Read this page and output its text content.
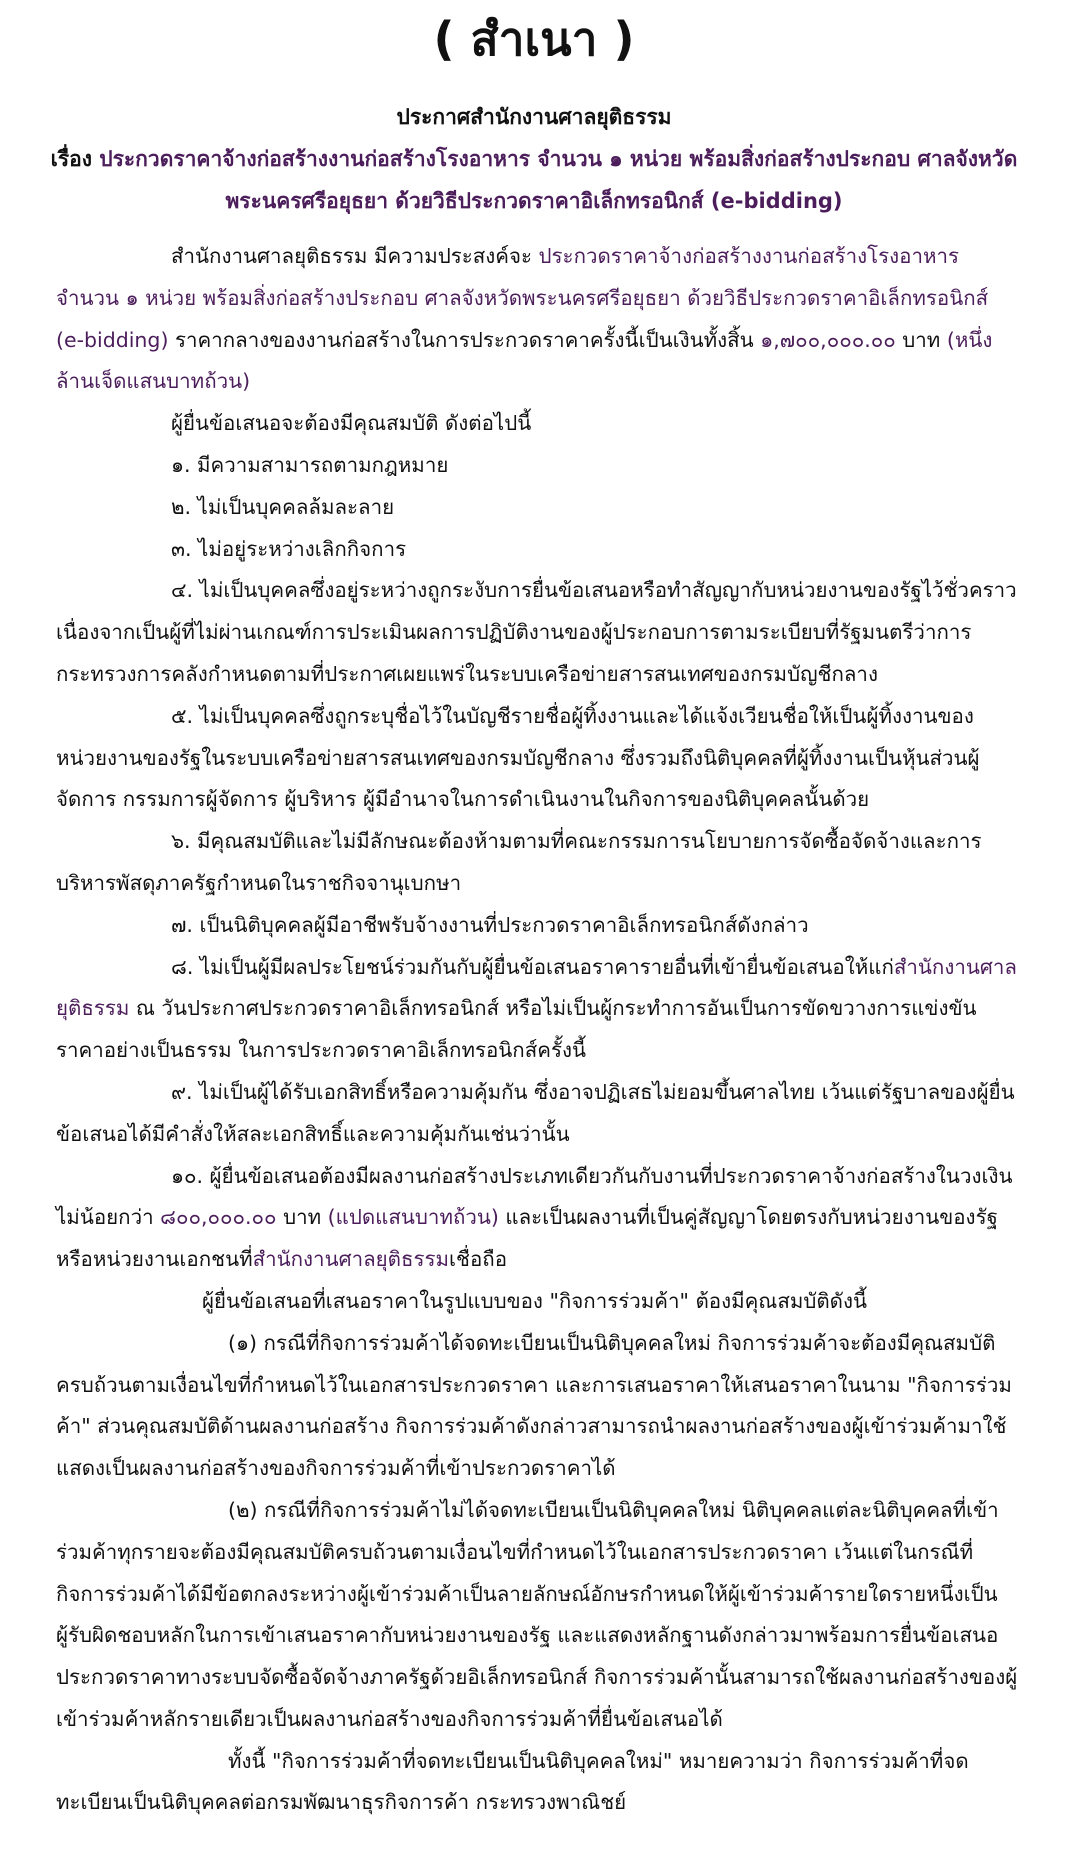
( สำเนา )

ประกาศสำนักงานศาลยุติธรรม

เรื่อง ประกวดราคาจ้างก่อสร้างงานก่อสร้างโรงอาหาร จำนวน ๑ หน่วย พร้อมสิ่งก่อสร้างประกอบ ศาลจังหวัด

พระนครศรีอยุธยา ด้วยวิธีประกวดราคาอิเล็กทรอนิกส์ (e-bidding)

สำนักงานศาลยุติธรรม มีความประสงค์จะ ประกวดราคาจ้างก่อสร้างงานก่อสร้างโรงอาหาร จำนวน ๑ หน่วย พร้อมสิ่งก่อสร้างประกอบ ศาลจังหวัดพระนครศรีอยุธยา ด้วยวิธีประกวดราคาอิเล็กทรอนิกส์ (e-bidding) ราคากลางของงานก่อสร้างในการประกวดราคาครั้งนี้เป็นเงินทั้งสิ้น ๑,๗๐๐,๐๐๐.๐๐ บาท (หนึ่งล้านเจ็ดแสนบาทถ้วน)

ผู้ยื่นข้อเสนอจะต้องมีคุณสมบัติ ดังต่อไปนี้

๑. มีความสามารถตามกฎหมาย

๒. ไม่เป็นบุคคลล้มละลาย

๓. ไม่อยู่ระหว่างเลิกกิจการ

๔. ไม่เป็นบุคคลซึ่งอยู่ระหว่างถูกระงับการยื่นข้อเสนอหรือทำสัญญากับหน่วยงานของรัฐไว้ชั่วคราว เนื่องจากเป็นผู้ที่ไม่ผ่านเกณฑ์การประเมินผลการปฏิบัติงานของผู้ประกอบการตามระเบียบที่รัฐมนตรีว่าการกระทรวงการคลังกำหนดตามที่ประกาศเผยแพร่ในระบบเครือข่ายสารสนเทศของกรมบัญชีกลาง

๕. ไม่เป็นบุคคลซึ่งถูกระบุชื่อไว้ในบัญชีรายชื่อผู้ทิ้งงานและได้แจ้งเวียนชื่อให้เป็นผู้ทิ้งงานของหน่วยงานของรัฐในระบบเครือข่ายสารสนเทศของกรมบัญชีกลาง ซึ่งรวมถึงนิติบุคคลที่ผู้ทิ้งงานเป็นหุ้นส่วนผู้จัดการ กรรมการผู้จัดการ ผู้บริหาร ผู้มีอำนาจในการดำเนินงานในกิจการของนิติบุคคลนั้นด้วย

๖. มีคุณสมบัติและไม่มีลักษณะต้องห้ามตามที่คณะกรรมการนโยบายการจัดซื้อจัดจ้างและการบริหารพัสดุภาครัฐกำหนดในราชกิจจานุเบกษา

๗. เป็นนิติบุคคลผู้มีอาชีพรับจ้างงานที่ประกวดราคาอิเล็กทรอนิกส์ดังกล่าว

๘. ไม่เป็นผู้มีผลประโยชน์ร่วมกันกับผู้ยื่นข้อเสนอราคารายอื่นที่เข้ายื่นข้อเสนอให้แก่สำนักงานศาลยุติธรรม ณ วันประกาศประกวดราคาอิเล็กทรอนิกส์ หรือไม่เป็นผู้กระทำการอันเป็นการขัดขวางการแข่งขันราคาอย่างเป็นธรรม ในการประกวดราคาอิเล็กทรอนิกส์ครั้งนี้

๙. ไม่เป็นผู้ได้รับเอกสิทธิ์หรือความคุ้มกัน ซึ่งอาจปฏิเสธไม่ยอมขึ้นศาลไทย เว้นแต่รัฐบาลของผู้ยื่นข้อเสนอได้มีคำสั่งให้สละเอกสิทธิ์และความคุ้มกันเช่นว่านั้น

๑๐. ผู้ยื่นข้อเสนอต้องมีผลงานก่อสร้างประเภทเดียวกันกับงานที่ประกวดราคาจ้างก่อสร้างในวงเงินไม่น้อยกว่า ๘๐๐,๐๐๐.๐๐ บาท (แปดแสนบาทถ้วน) และเป็นผลงานที่เป็นคู่สัญญาโดยตรงกับหน่วยงานของรัฐ หรือหน่วยงานเอกชนที่สำนักงานศาลยุติธรรมเชื่อถือ

ผู้ยื่นข้อเสนอที่เสนอราคาในรูปแบบของ "กิจการร่วมค้า" ต้องมีคุณสมบัติดังนี้

(๑) กรณีที่กิจการร่วมค้าได้จดทะเบียนเป็นนิติบุคคลใหม่ กิจการร่วมค้าจะต้องมีคุณสมบัติครบถ้วนตามเงื่อนไขที่กำหนดไว้ในเอกสารประกวดราคา และการเสนอราคาให้เสนอราคาในนาม "กิจการร่วมค้า" ส่วนคุณสมบัติด้านผลงานก่อสร้าง กิจการร่วมค้าดังกล่าวสามารถนำผลงานก่อสร้างของผู้เข้าร่วมค้ามาใช้แสดงเป็นผลงานก่อสร้างของกิจการร่วมค้าที่เข้าประกวดราคาได้

(๒) กรณีที่กิจการร่วมค้าไม่ได้จดทะเบียนเป็นนิติบุคคลใหม่ นิติบุคคลแต่ละนิติบุคคลที่เข้าร่วมค้าทุกรายจะต้องมีคุณสมบัติครบถ้วนตามเงื่อนไขที่กำหนดไว้ในเอกสารประกวดราคา เว้นแต่ในกรณีที่กิจการร่วมค้าได้มีข้อตกลงระหว่างผู้เข้าร่วมค้าเป็นลายลักษณ์อักษรกำหนดให้ผู้เข้าร่วมค้ารายใดรายหนึ่งเป็นผู้รับผิดชอบหลักในการเข้าเสนอราคากับหน่วยงานของรัฐ และแสดงหลักฐานดังกล่าวมาพร้อมการยื่นข้อเสนอประกวดราคาทางระบบจัดซื้อจัดจ้างภาครัฐด้วยอิเล็กทรอนิกส์ กิจการร่วมค้านั้นสามารถใช้ผลงานก่อสร้างของผู้เข้าร่วมค้าหลักรายเดียวเป็นผลงานก่อสร้างของกิจการร่วมค้าที่ยื่นข้อเสนอได้

ทั้งนี้ "กิจการร่วมค้าที่จดทะเบียนเป็นนิติบุคคลใหม่" หมายความว่า กิจการร่วมค้าที่จดทะเบียนเป็นนิติบุคคลต่อกรมพัฒนาธุรกิจการค้า กระทรวงพาณิชย์
